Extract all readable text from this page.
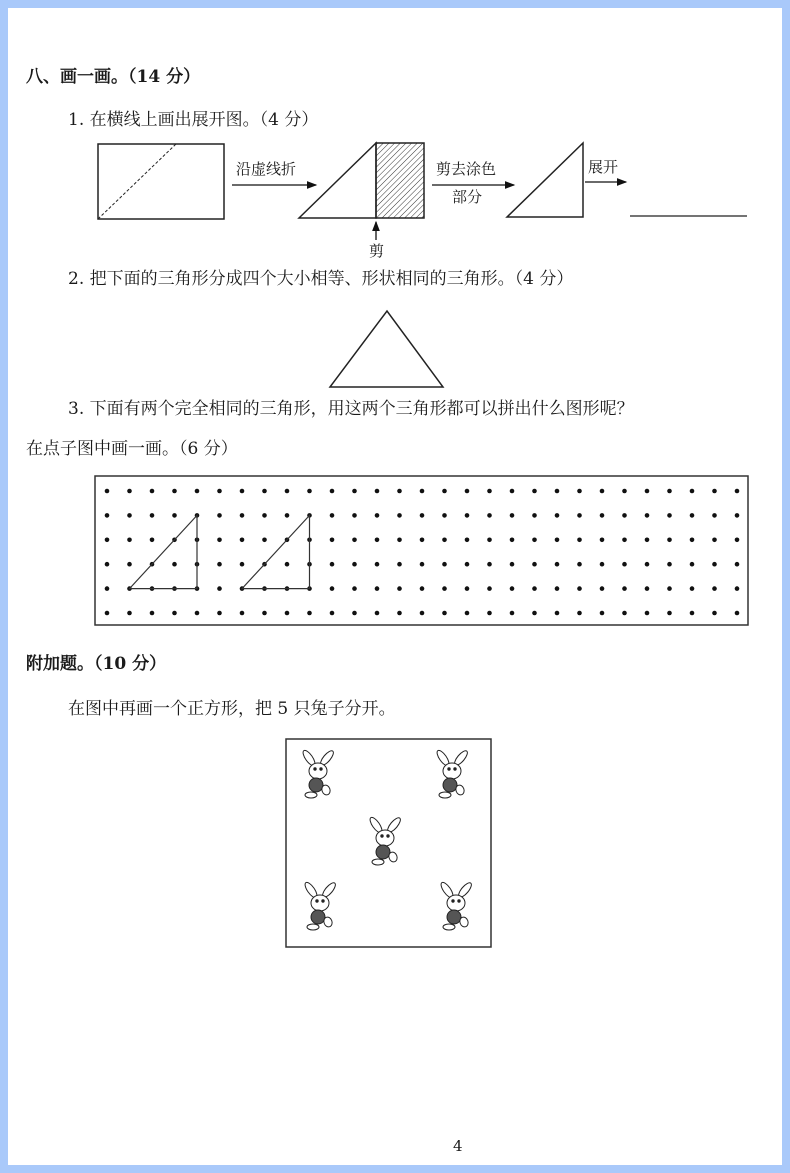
八、画一画。（14 分）
1. 在横线上画出展开图。（4 分）
沿虚线折
剪
剪去涂色
部分
展开
2. 把下面的三角形分成四个大小相等、形状相同的三角形。（4 分）
3. 下面有两个完全相同的三角形，用这两个三角形都可以拼出什么图形呢？
在点子图中画一画。（6 分）
附加题。（10 分）
在图中再画一个正方形，把 5 只兔子分开。
4
